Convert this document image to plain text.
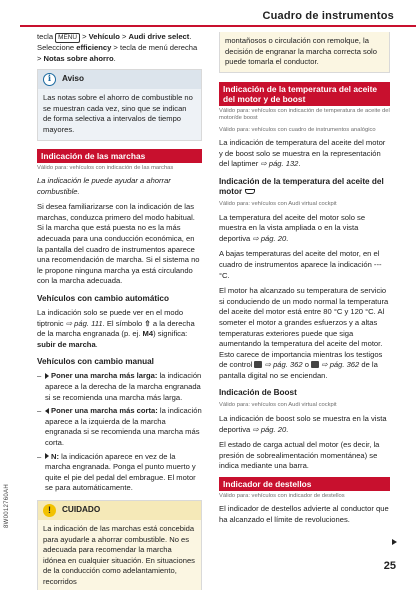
Cuadro de instrumentos

tecla MENU > Vehículo > Audi drive select. Seleccione efficiency > tecla de menú derecha > Notas sobre ahorro.

i	Aviso
Las notas sobre el ahorro de combustible no se muestran cada vez, sino que se indican de forma selectiva a intervalos de tiempo mayores.
Indicación de las marchas
Válido para: vehículos con indicación de las marchas

La indicación le puede ayudar a ahorrar combustible.

Si desea familiarizarse con la indicación de las marchas, conduzca primero del modo habitual. Si la marcha que está puesta no es la más adecuada para una conducción económica, en la pantalla del cuadro de instrumentos aparece una recomendación de marcha. Si el sistema no le propone ninguna marcha ya está circulando con la marcha adecuada.

Vehículos con cambio automático

La indicación solo se puede ver en el modo tiptronic ⇨ pág. 111. El símbolo ⇧ a la derecha de la marcha engranada (p. ej. M4) significa: subir de marcha.

Vehículos con cambio manual
–	Poner una marcha más larga: la indicación aparece a la derecha de la marcha engranada si se recomienda una marcha más larga.
–	Poner una marcha más corta: la indicación aparece a la izquierda de la marcha engranada si se recomienda una marcha más corta.
–	N: la indicación aparece en vez de la marcha engranada. Ponga el punto muerto y quite el pie del pedal del embrague. El motor se para automáticamente.
!	CUIDADO
La indicación de las marchas está concebida para ayudarle a ahorrar combustible. No es adecuada para recomendar la marcha idónea en cualquier situación. En situaciones de la conducción como adelantamiento, recorridos
8W0012760AH
montañosos o circulación con remolque, la decisión de engranar la marcha correcta solo puede tomarla el conductor.
Indicación de la temperatura del aceite del motor y de boost
Válido para: vehículos con indicación de temperatura de aceite del motor/de boost
Válido para: vehículos con cuadro de instrumentos analógico

La indicación de temperatura del aceite del motor y de boost solo se muestra en la representación del laptimer ⇨ pág. 132.

Indicación de la temperatura del aceite del motor
Válido para: vehículos con Audi virtual cockpit

La temperatura del aceite del motor solo se muestra en la vista ampliada o en la vista deportiva ⇨ pág. 20.

A bajas temperaturas del aceite del motor, en el cuadro de instrumentos aparece la indicación --- °C.

El motor ha alcanzado su temperatura de servicio si conduciendo de un modo normal la temperatura del aceite del motor está entre 80 °C y 120 °C. Al someter el motor a grandes esfuerzos y a altas temperaturas exteriores puede que siga aumentando la temperatura del aceite del motor. Esto carece de importancia mientras los testigos de control  ⇨ pág. 362 o  ⇨ pág. 362 de la pantalla digital no se enciendan.

Indicación de Boost
Válido para: vehículos con Audi virtual cockpit

La indicación de boost solo se muestra en la vista deportiva ⇨ pág. 20.

El estado de carga actual del motor (es decir, la presión de sobrealimentación momentánea) se indica mediante una barra.

Indicador de destellos
Válido para: vehículos con indicador de destellos

El indicador de destellos advierte al conductor que ha alcanzado el límite de revoluciones.

25
